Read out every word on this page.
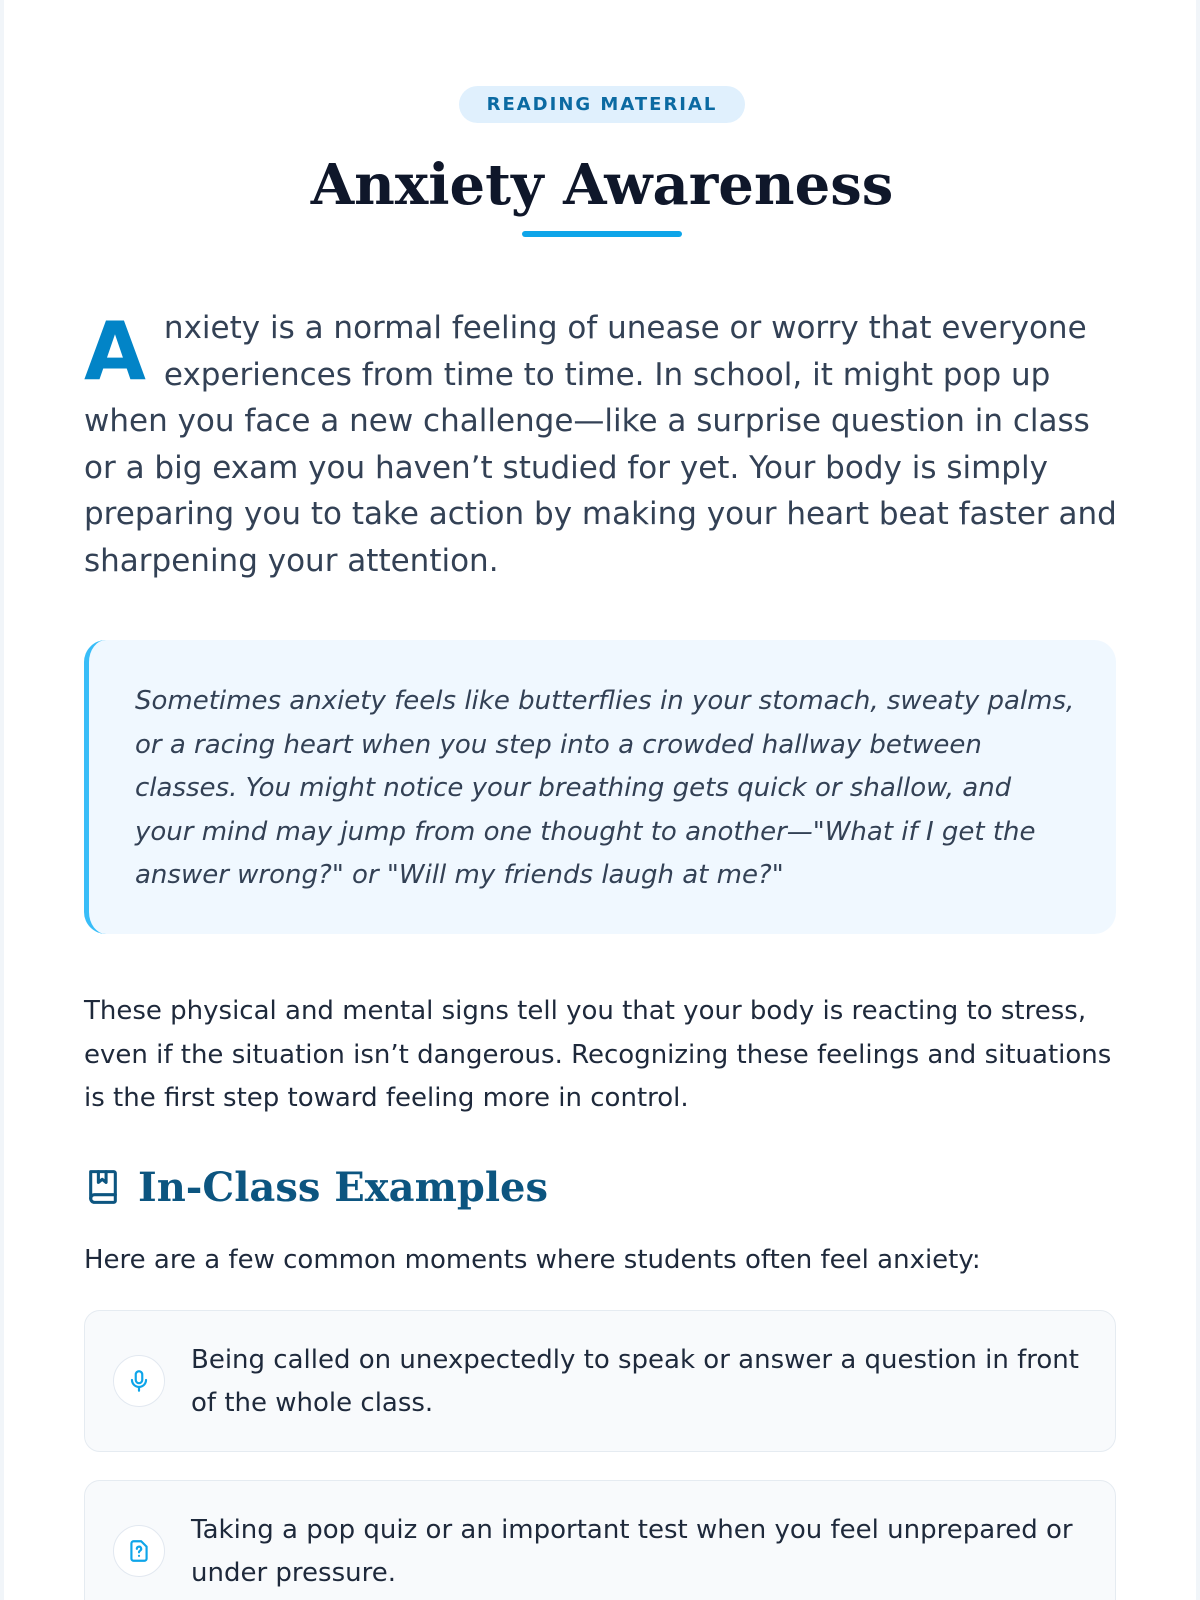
READING MATERIAL
Anxiety Awareness

Anxiety is a normal feeling of unease or worry that everyone experiences from time to time. In school, it might pop up when you face a new challenge—like a surprise question in class or a big exam you haven’t studied for yet. Your body is simply preparing you to take action by making your heart beat faster and sharpening your attention.

Sometimes anxiety feels like butterflies in your stomach, sweaty palms, or a racing heart when you step into a crowded hallway between classes. You might notice your breathing gets quick or shallow, and your mind may jump from one thought to another—"What if I get the answer wrong?" or "Will my friends laugh at me?"

These physical and mental signs tell you that your body is reacting to stress, even if the situation isn’t dangerous. Recognizing these feelings and situations is the first step toward feeling more in control.

In-Class Examples

Here are a few common moments where students often feel anxiety:

Being called on unexpectedly to speak or answer a question in front of the whole class.

Taking a pop quiz or an important test when you feel unprepared or under pressure.
